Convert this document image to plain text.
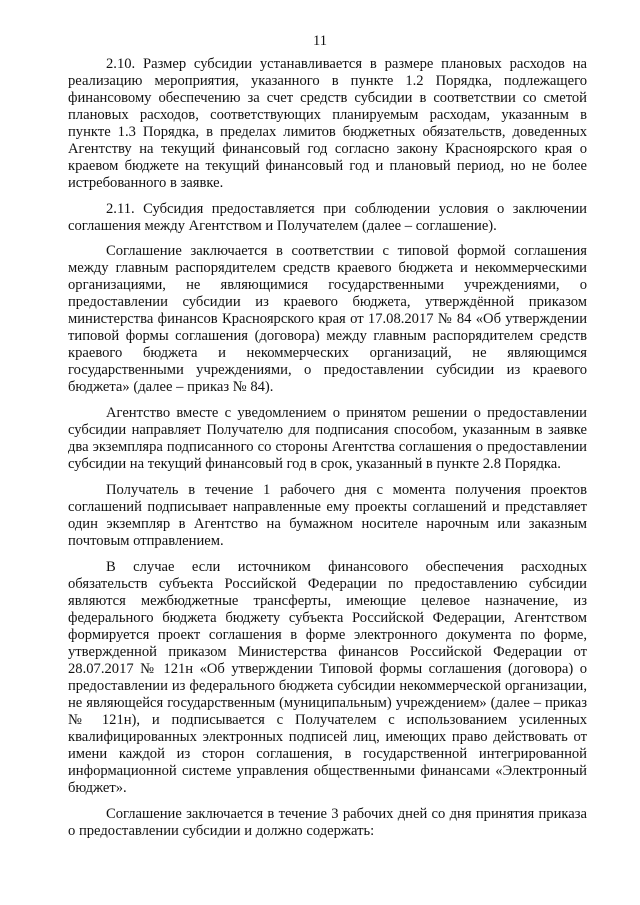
11

2.10. Размер субсидии устанавливается в размере плановых расходов на реализацию мероприятия, указанного в пункте 1.2 Порядка, подлежащего финансовому обеспечению за счет средств субсидии в соответствии со сметой плановых расходов, соответствующих планируемым расходам, указанным в пункте 1.3 Порядка, в пределах лимитов бюджетных обязательств, доведенных Агентству на текущий финансовый год согласно закону Красноярского края о краевом бюджете на текущий финансовый год и плановый период, но не более истребованного в заявке.

2.11. Субсидия предоставляется при соблюдении условия о заключении соглашения между Агентством и Получателем (далее – соглашение).

Соглашение заключается в соответствии с типовой формой соглашения между главным распорядителем средств краевого бюджета и некоммерческими организациями, не являющимися государственными учреждениями, о предоставлении субсидии из краевого бюджета, утверждённой приказом министерства финансов Красноярского края от 17.08.2017 № 84 «Об утверждении типовой формы соглашения (договора) между главным распорядителем средств краевого бюджета и некоммерческих организаций, не являющимся государственными учреждениями, о предоставлении субсидии из краевого бюджета» (далее – приказ № 84).

Агентство вместе с уведомлением о принятом решении о предоставлении субсидии направляет Получателю для подписания способом, указанным в заявке два экземпляра подписанного со стороны Агентства соглашения о предоставлении субсидии на текущий финансовый год в срок, указанный в пункте 2.8 Порядка.

Получатель в течение 1 рабочего дня с момента получения проектов соглашений подписывает направленные ему проекты соглашений и представляет один экземпляр в Агентство на бумажном носителе нарочным или заказным почтовым отправлением.

В случае если источником финансового обеспечения расходных обязательств субъекта Российской Федерации по предоставлению субсидии являются межбюджетные трансферты, имеющие целевое назначение, из федерального бюджета бюджету субъекта Российской Федерации, Агентством формируется проект соглашения в форме электронного документа по форме, утвержденной приказом Министерства финансов Российской Федерации от 28.07.2017 № 121н «Об утверждении Типовой формы соглашения (договора) о предоставлении из федерального бюджета субсидии некоммерческой организации, не являющейся государственным (муниципальным) учреждением» (далее – приказ № 121н), и подписывается с Получателем с использованием усиленных квалифицированных электронных подписей лиц, имеющих право действовать от имени каждой из сторон соглашения, в государственной интегрированной информационной системе управления общественными финансами «Электронный бюджет».

Соглашение заключается в течение 3 рабочих дней со дня принятия приказа о предоставлении субсидии и должно содержать:
